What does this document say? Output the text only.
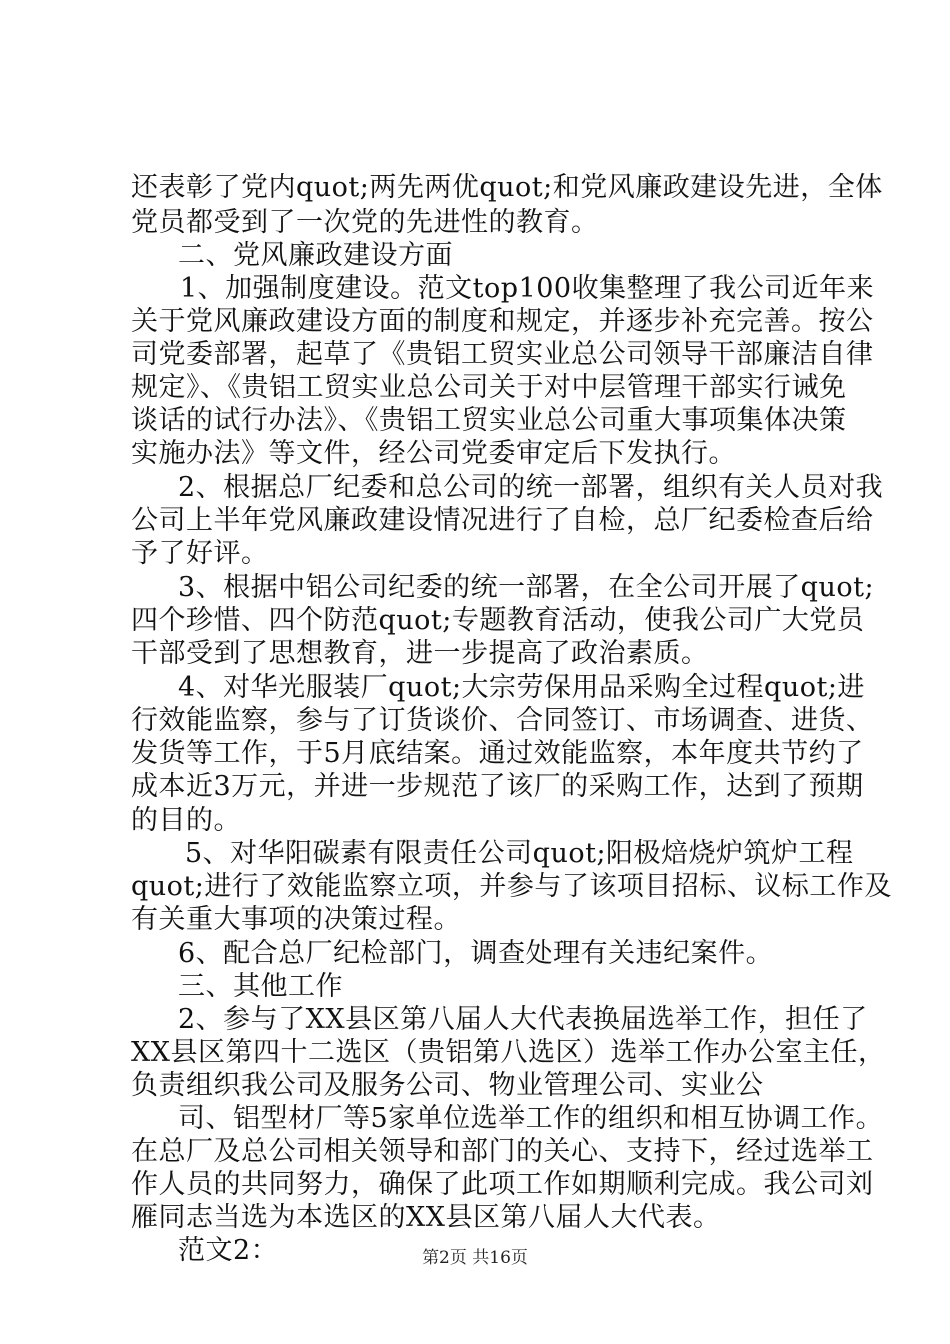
还表彰了党内quot;两先两优quot;和党风廉政建设先进，全体
党员都受到了一次党的先进性的教育。
二、党风廉政建设方面
1、加强制度建设。范文top100收集整理了我公司近年来
关于党风廉政建设方面的制度和规定，并逐步补充完善。按公
司党委部署，起草了《贵铝工贸实业总公司领导干部廉洁自律
规定》、《贵铝工贸实业总公司关于对中层管理干部实行诫免
谈话的试行办法》、《贵铝工贸实业总公司重大事项集体决策
实施办法》等文件，经公司党委审定后下发执行。
2、根据总厂纪委和总公司的统一部署，组织有关人员对我
公司上半年党风廉政建设情况进行了自检，总厂纪委检查后给
予了好评。
3、根据中铝公司纪委的统一部署，在全公司开展了quot;
四个珍惜、四个防范quot;专题教育活动，使我公司广大党员
干部受到了思想教育，进一步提高了政治素质。
4、对华光服装厂quot;大宗劳保用品采购全过程quot;进
行效能监察，参与了订货谈价、合同签订、市场调查、进货、
发货等工作，于5月底结案。通过效能监察，本年度共节约了
成本近3万元，并进一步规范了该厂的采购工作，达到了预期
的目的。
5、对华阳碳素有限责任公司quot;阳极焙烧炉筑炉工程
quot;进行了效能监察立项，并参与了该项目招标、议标工作及
有关重大事项的决策过程。
6、配合总厂纪检部门，调查处理有关违纪案件。
三、其他工作
2、参与了XX县区第八届人大代表换届选举工作，担任了
XX县区第四十二选区（贵铝第八选区）选举工作办公室主任，
负责组织我公司及服务公司、物业管理公司、实业公
司、铝型材厂等5家单位选举工作的组织和相互协调工作。
在总厂及总公司相关领导和部门的关心、支持下，经过选举工
作人员的共同努力，确保了此项工作如期顺利完成。我公司刘
雁同志当选为本选区的XX县区第八届人大代表。
范文2：	第2页 共16页
